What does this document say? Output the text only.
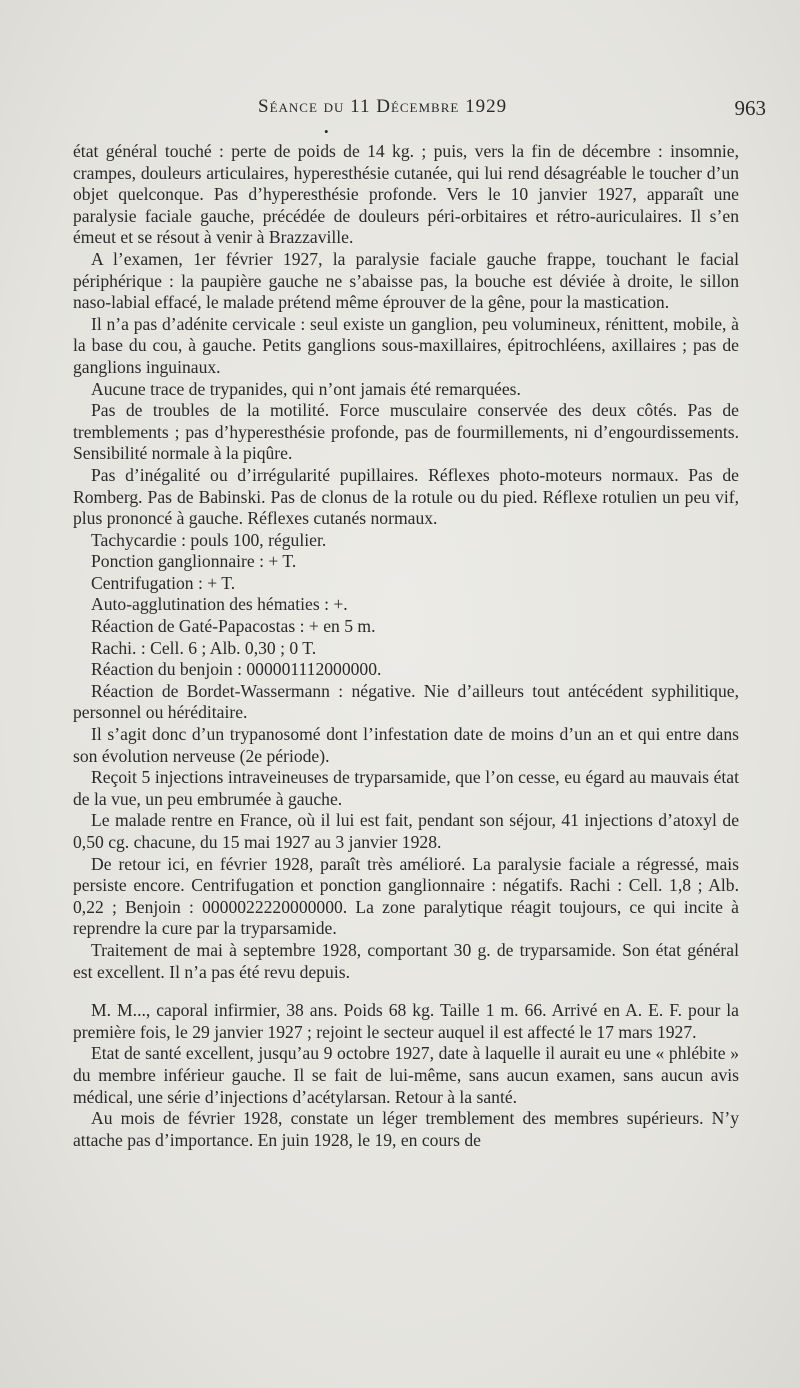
Séance du 11 Décembre 1929	963
•

état général touché : perte de poids de 14 kg. ; puis, vers la fin de décembre : insomnie, crampes, douleurs articulaires, hyperesthésie cutanée, qui lui rend désagréable le toucher d’un objet quelconque. Pas d’hyperesthésie profonde. Vers le 10 janvier 1927, apparaît une paralysie faciale gauche, précédée de douleurs péri-orbitaires et rétro-auriculaires. Il s’en émeut et se résout à venir à Brazzaville.

A l’examen, 1er février 1927, la paralysie faciale gauche frappe, touchant le facial périphérique : la paupière gauche ne s’abaisse pas, la bouche est déviée à droite, le sillon naso-labial effacé, le malade prétend même éprouver de la gêne, pour la mastication.

Il n’a pas d’adénite cervicale : seul existe un ganglion, peu volumineux, rénittent, mobile, à la base du cou, à gauche. Petits ganglions sous-maxillaires, épitrochléens, axillaires ; pas de ganglions inguinaux.

Aucune trace de trypanides, qui n’ont jamais été remarquées.

Pas de troubles de la motilité. Force musculaire conservée des deux côtés. Pas de tremblements ; pas d’hyperesthésie profonde, pas de fourmillements, ni d’engourdissements. Sensibilité normale à la piqûre.

Pas d’inégalité ou d’irrégularité pupillaires. Réflexes photo-moteurs normaux. Pas de Romberg. Pas de Babinski. Pas de clonus de la rotule ou du pied. Réflexe rotulien un peu vif, plus prononcé à gauche. Réflexes cutanés normaux.

Tachycardie : pouls 100, régulier.

Ponction ganglionnaire : + T.

Centrifugation : + T.

Auto-agglutination des hématies : +.

Réaction de Gaté-Papacostas : + en 5 m.

Rachi. : Cell. 6 ; Alb. 0,30 ; 0 T.

Réaction du benjoin : 000001112000000.

Réaction de Bordet-Wassermann : négative. Nie d’ailleurs tout antécédent syphilitique, personnel ou héréditaire.

Il s’agit donc d’un trypanosomé dont l’infestation date de moins d’un an et qui entre dans son évolution nerveuse (2e période).

Reçoit 5 injections intraveineuses de tryparsamide, que l’on cesse, eu égard au mauvais état de la vue, un peu embrumée à gauche.

Le malade rentre en France, où il lui est fait, pendant son séjour, 41 injections d’atoxyl de 0,50 cg. chacune, du 15 mai 1927 au 3 janvier 1928.

De retour ici, en février 1928, paraît très amélioré. La paralysie faciale a régressé, mais persiste encore. Centrifugation et ponction ganglionnaire : négatifs. Rachi : Cell. 1,8 ; Alb. 0,22 ; Benjoin : 0000022220000000. La zone paralytique réagit toujours, ce qui incite à reprendre la cure par la tryparsamide.

Traitement de mai à septembre 1928, comportant 30 g. de tryparsamide. Son état général est excellent. Il n’a pas été revu depuis.

M. M..., caporal infirmier, 38 ans. Poids 68 kg. Taille 1 m. 66. Arrivé en A. E. F. pour la première fois, le 29 janvier 1927 ; rejoint le secteur auquel il est affecté le 17 mars 1927.

Etat de santé excellent, jusqu’au 9 octobre 1927, date à laquelle il aurait eu une « phlébite » du membre inférieur gauche. Il se fait de lui-même, sans aucun examen, sans aucun avis médical, une série d’injections d’acétylarsan. Retour à la santé.

Au mois de février 1928, constate un léger tremblement des membres supérieurs. N’y attache pas d’importance. En juin 1928, le 19, en cours de
